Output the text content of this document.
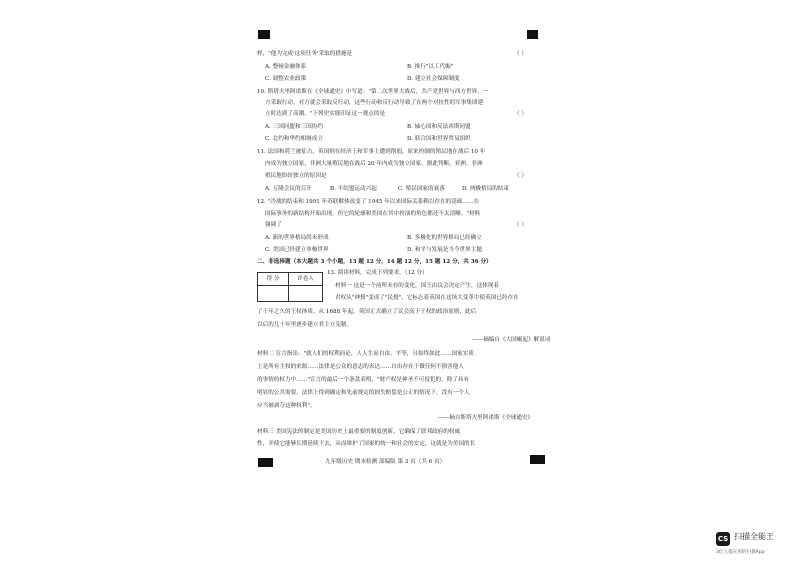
样，"他为完成'这项任务'采取的措施是	（ ）
A. 整顿金融体系	B. 推行"以工代赈"
C. 调整农业政策	D. 建立社会保障制度
10. 斯塔夫里阿诺斯在《全球通史》中写道："第二次世界大战后，共产党世界与西方世界，一
方采取行动，对方就会采取反行动，这些行动和反行动导致了在两个对抗性的军事集团建
立时达到了高潮。"下列史实能印证这一观点的是	（ ）
A. 三国同盟和三国协约	B. 轴心国和反法西斯同盟
C. 北约和华约相继成立	D. 联合国和世界贸易组织
11. 法国和荷兰被征占，英国则在经济上和军事上遭到削弱，原来控制的殖民地在战后 10 年
内成为独立国家，非洲大量殖民地在战后 20 年内成为独立国家。据此判断，亚洲、非洲
殖民地纷纷独立的原因是	（ ）
A. 万隆会议的召开	B. 不结盟运动兴起	C. 殖民国家的衰落	D. 两极格局的结束
12. "冷战的结束和 1991 年苏联解体改变了 1945 年以来国际关系赖以存在的基础……在
国际事务的新结构开始出现，但它的轮廓和美国在其中扮演的角色都还不太清晰。"材料
强调了	（ ）
A. 新的世界格局尚未形成	B. 多极化的世界格局已经确立
C. 美国已经建立单极世界	D. 和平与发展是当今世界主题
二、非选择题（本大题共 3 个小题，13 题 12 分，14 题 12 分，15 题 12 分，共 36 分）
得 分	评卷人
13. 阅读材料，完成下列要求。（12 分）
材料一 这是一个前所未有的变化，国王由议会决定产生，这体现着
君权从"神授"变成了"民授"，它标志着英国在这场大变革中使英国已经存在
了千年之久的王权体质。从 1688 年起，英国正式确立了议会高于王权的政治原则，此后
以后的几十年里逐步建立君主立宪制。
——摘编自《大国崛起》解说词
材料二 宣言指出："就人们的权利而论，人人生而自由、平等，且始终如此……国家实质
上是所有主权的来源……法律是公众的意志的表达……自由存在于做任何不损害他人
的事情的权力中……"宣言的最后一个条款表明，"财产权是神圣不可侵犯的，除了具有
明显的公共需要，法律上得到确定和先前规定的损失赔偿是公正的情况下，没有一个人
应当被剥夺这种权利"。
——摘自斯塔夫里阿诺斯《全球通史》
材料三 美国宪法的制定是美国历史上最重要的制度创新。它确保了联邦政府的权威
性，并使它能够长期延续下去，从而维护了国家的统一和社会的安定，这就是为美国的长
九年级历史 期末检测 部编版 第 3 页（共 6 页）
CS 扫描全能王
3亿人都在用的扫描App
